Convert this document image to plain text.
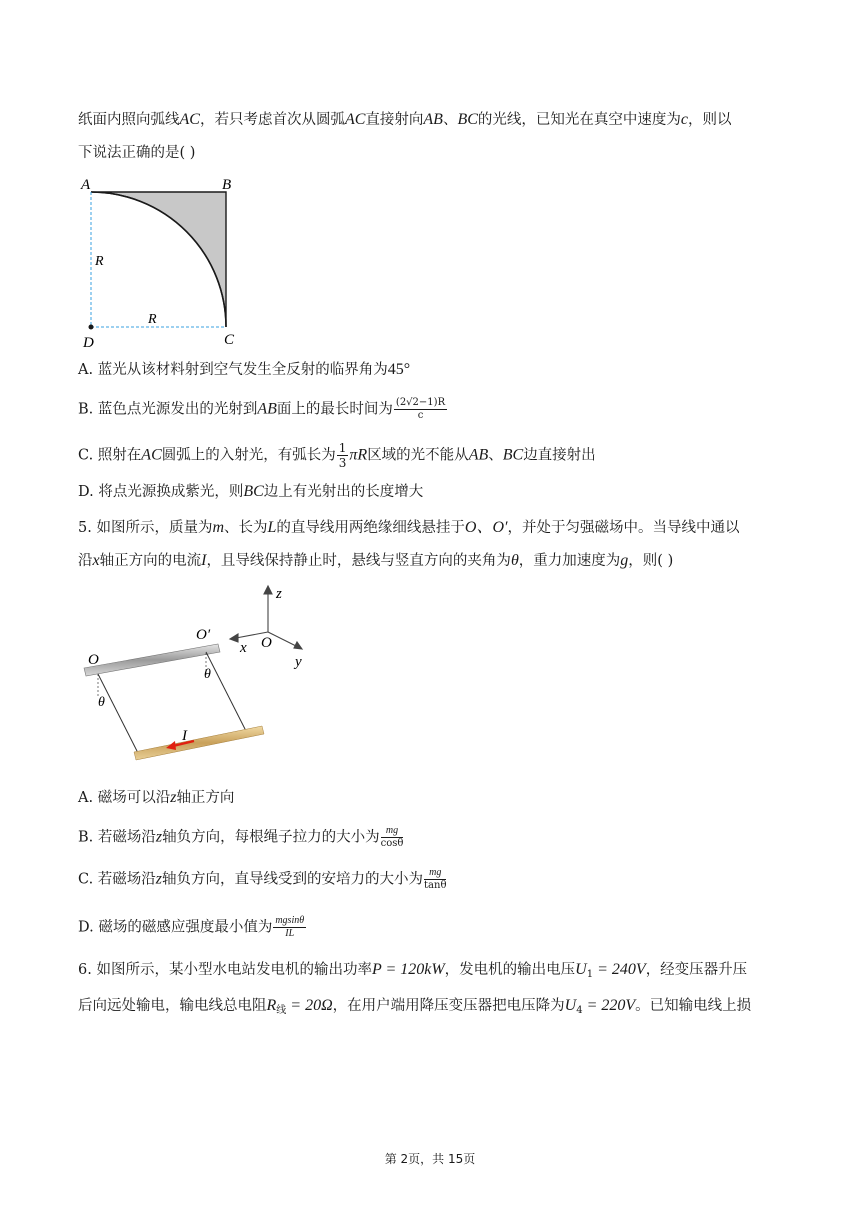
纸面内照向弧线AC，若只考虑首次从圆弧AC直接射向AB、BC的光线，已知光在真空中速度为c，则以
下说法正确的是( )
A	B
C
D
R
R
A. 蓝光从该材料射到空气发生全反射的临界角为45°
B. 蓝色点光源发出的光射到AB面上的最长时间为 $\frac{(2√2-1)R}{c}$
C. 照射在AC圆弧上的入射光，有弧长为 $\frac{1}{3}$ πR区域的光不能从AB、BC边直接射出
D. 将点光源换成紫光，则BC边上有光射出的长度增大
5. 如图所示，质量为m、长为L的直导线用两绝缘细线悬挂于O、O′，并处于匀强磁场中。当导线中通以
沿x轴正方向的电流I，且导线保持静止时，悬线与竖直方向的夹角为θ，重力加速度为g，则( )
z
x O
y
O
O′
θ
θ
I
A. 磁场可以沿z轴正方向
B. 若磁场沿z轴负方向，每根绳子拉力的大小为 $\frac{mg}{\cos\theta}$
C. 若磁场沿z轴负方向，直导线受到的安培力的大小为 $\frac{mg}{\tan\theta}$
D. 磁场的磁感应强度最小值为 $\frac{mgsin\theta}{IL}$
6. 如图所示，某小型水电站发电机的输出功率P = 120kW，发电机的输出电压$U_1 = 240V$，经变压器升压
后向远处输电，输电线总电阻$R_线 = 20\Omega$，在用户端用降压变压器把电压降为$U_4 = 220V$。已知输电线上损
第 2页，共 15页
